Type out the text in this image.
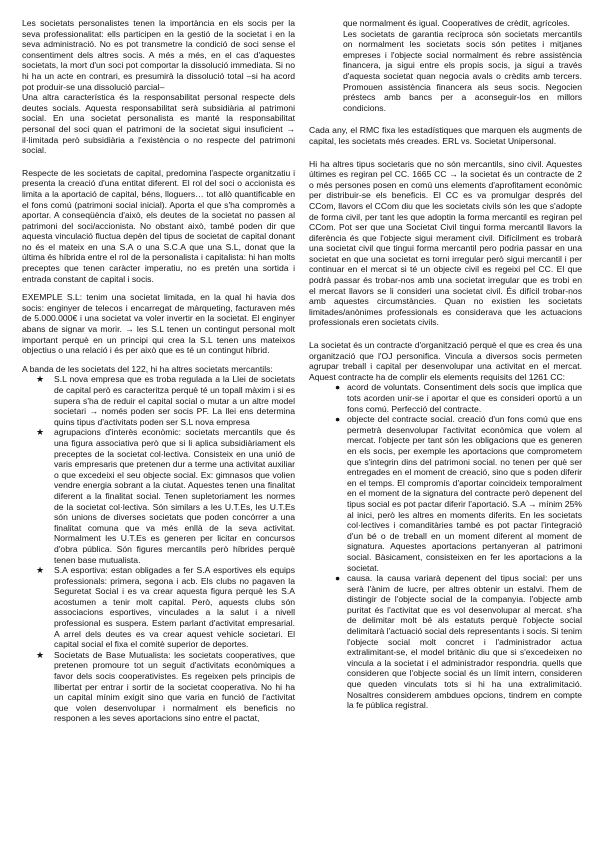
Les societats personalistes tenen la importància en els socis per la seva professionalitat: ells participen en la gestió de la societat i en la seva administració. No es pot transmetre la condició de soci sense el consentiment dels altres socis. A més a més, en el cas d'aquestes societats, la mort d'un soci pot comportar la dissolució immediata. Si no hi ha un acte en contrari, es presumirà la dissolució total –si ha acord pot produir-se una dissolució parcial–

Una altra característica és la responsabilitat personal respecte dels deutes socials. Aquesta responsabilitat serà subsidiària al patrimoni social. En una societat personalista es manté la responsabilitat personal del soci quan el patrimoni de la societat sigui insuficient → il·limitada però subsidiària a l'existència o no respecte del patrimoni social.

Respecte de les societats de capital, predomina l'aspecte organitzatiu i presenta la creació d'una entitat diferent. El rol del soci o accionista es limita a la aportació de capital, béns, lloguers… tot allò quantificable en el fons comú (patrimoni social inicial). Aporta el que s'ha compromès a aportar. A conseqüència d'això, els deutes de la societat no passen al patrimoni del soci/accionista. No obstant això, també poden dir que aquesta vinculació fluctua depèn del tipus de societat de capital donant no és el mateix en una S.A o una S.C.A que una S.L, donat que la última és híbrida entre el rol de la personalista i capitalista: hi han molts preceptes que tenen caràcter imperatiu, no es pretén una sortida i entrada constant de capital i socis.

EXEMPLE S.L: tenim una societat limitada, en la qual hi havia dos socis: enginyer de telecos i encarregat de màrqueting, facturaven més de 5.000.000€ i una societat va voler invertir en la societat. El enginyer abans de signar va morir. → les S.L tenen un contingut personal molt important perquè en un principi qui crea la S.L tenen uns mateixos objectius o una relació i és per això que es té un contingut híbrid.

A banda de les societats del 122, hi ha altres societats mercantils:

★ S.L nova empresa que es troba regulada a la Llei de societats de capital però es caracteritza perquè té un topall màxim i si es supera s'ha de reduir el capital social o mutar a un altre model societari → només poden ser socis PF. La llei ens determina quins tipus d'activitats poden ser S.L nova empresa
★ agrupacions d'interès econòmic: societats mercantils que és una figura associativa però que si li aplica subsidiàriament els preceptes de la societat col·lectiva. Consisteix en una unió de varis empresaris que pretenen dur a terme una activitat auxiliar o que excedeixi el seu objecte social. Ex: gimnasos que volien vendre energia sobrant a la ciutat. Aquestes tenen una finalitat diferent a la finalitat social. Tenen supletoriament les normes de la societat col·lectiva. Són similars a les U.T.Es, les U.T.Es són unions de diverses societats que poden concórrer a una finalitat comuna que va més enllà de la seva activitat. Normalment les U.T.Es es generen per licitar en concursos d'obra pública. Són figures mercantils però híbrides perquè tenen base mutualista.
★ S.A esportiva: estan obligades a fer S.A esportives els equips professionals: primera, segona i acb. Els clubs no pagaven la Seguretat Social i es va crear aquesta figura perquè les S.A acostumen a tenir molt capital. Però, aquests clubs són associacions esportives, vinculades a la salut i a nivell professional es suspera. Estem parlant d'activitat empresarial. A arrel dels deutes es va crear aquest vehicle societari. El capital social el fixa el comitè superior de deportes.
★ Societats de Base Mutualista: les societats cooperatives, que pretenen promoure tot un seguit d'activitats econòmiques a favor dels socis cooperativistes. Es regeixen pels principis de llibertat per entrar i sortir de la societat cooperativa. No hi ha un capital mínim exigit sino que varia en funció de l'activitat que volen desenvolupar i normalment els beneficis no responen a les seves aportacions sino entre el pactat,

que normalment és igual. Cooperatives de crèdit, agrícoles.

Les societats de garantia recíproca són societats mercantils on normalment les societats socis són petites i mitjanes empreses i l'objecte social normalment és rebre assistència financera, ja sigui entre els propis socis, ja sigui a través d'aquesta societat quan negocia avals o crèdits amb tercers. Promouen assistència financera als seus socis. Negocien préstecs amb bancs per a aconseguir-los en millors condicions.

Cada any, el RMC fixa les estadístiques que marquen els augments de capital, les societats més creades. ERL vs. Societat Unipersonal.

Hi ha altres tipus societaris que no són mercantils, sino civil. Aquestes últimes es regiran pel CC. 1665 CC → la societat és un contracte de 2 o més persones posen en comú uns elements d'aprofitament econòmic per distribuir-se els beneficis. El CC es va promulgar després del CCom, llavors el CCom diu que les societats civils són les que s'adopte de forma civil, per tant les que adoptin la forma mercantil es regiran pel CCom. Pot ser que una Societat Civil tingui forma mercantil llavors la diferència és que l'objecte sigui merament civil. Difícilment es trobarà una societat civil que tingui forma mercantil pero podria passar en una societat en que una societat es torni irregular però sigui mercantil i per continuar en el mercat si té un objecte civil es regeixi pel CC. El que podrà passar és trobar-nos amb una societat irregular que es trobi en el mercat llavors se li consideri una societat civil. És difícil trobar-nos amb aquestes circumstàncies. Quan no existien les societats limitades/anònimes professionals es considerava que les actuacions professionals eren societats civils.

La societat és un contracte d'organització perquè el que es crea és una organització que l'OJ personifica. Vincula a diversos socis permeten agrupar treball i capital per desenvolupar una activitat en el mercat. Aquest contracte ha de complir els elements requisits del 1261 CC:

● acord de voluntats. Consentiment dels socis que implica que tots acorden unir-se i aportar el que es consideri oportú a un fons comú. Perfecció del contracte.
● objecte del contracte social. creació d'un fons comú que ens permetrà desenvolupar l'activitat econòmica que volem al mercat. l'objecte per tant són les obligacions que es generen en els socis, per exemple les aportacions que comprometem que s'integrin dins del patrimoni social. no tenen per què ser entregades en el moment de creació, sino que s poden diferir en el temps. El compromís d'aportar coincideix temporalment en el moment de la signatura del contracte però depenent del tipus social es pot pactar diferir l'aportació. S.A → mínim 25% al inici, però les altres en moments diferits. En les societats col·lectives i comanditàries també es pot pactar l'integració d'un bé o de treball en un moment diferent al moment de signatura. Aquestes aportacions pertanyeran al patrimoni social. Bàsicament, consisteixen en fer les aportacions a la societat.
● causa. la causa variarà depenent del tipus social: per uns serà l'ànim de lucre, per altres obtenir un estalvi. l'hem de distingir de l'objecte social de la companyia. l'objecte amb puritat és l'activitat que es vol desenvolupar al mercat. s'ha de delimitar molt bé als estatuts perquè l'objecte social delimitarà l'actuació social dels representants i socis. Si tenim l'objecte social molt concret i l'administrador actua extralimitant-se, el model britànic diu que si s'excedeixen no vincula a la societat i el administrador respondria. quells que consideren que l'objecte social és un límit intern, consideren que queden vinculats tots si hi ha una extralimitació. Nosaltres considerem ambdues opcions, tindrem en compte la fe pública registral.
